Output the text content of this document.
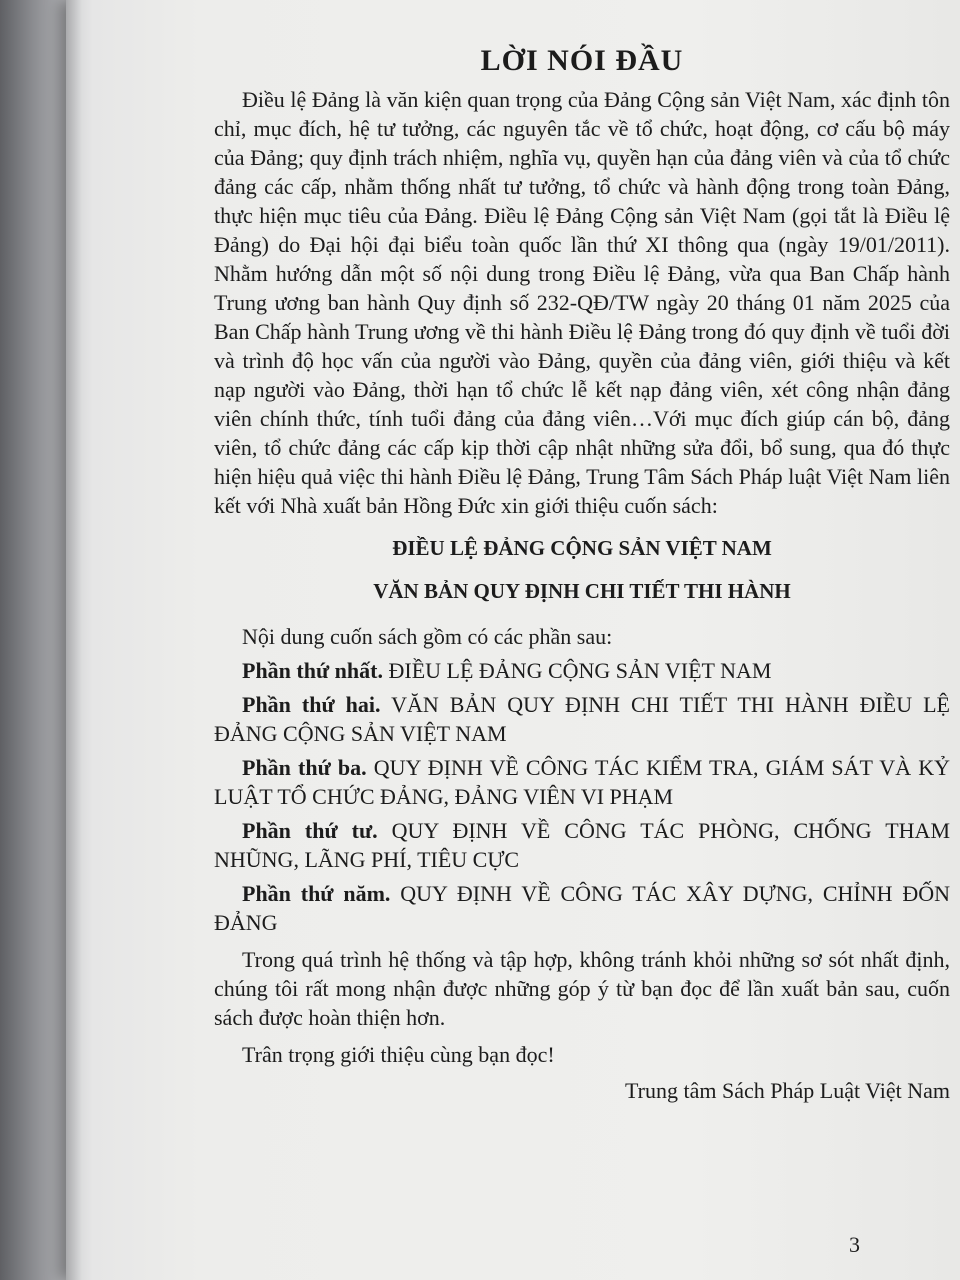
LỜI NÓI ĐẦU

Điều lệ Đảng là văn kiện quan trọng của Đảng Cộng sản Việt Nam, xác định tôn chỉ, mục đích, hệ tư tưởng, các nguyên tắc về tổ chức, hoạt động, cơ cấu bộ máy của Đảng; quy định trách nhiệm, nghĩa vụ, quyền hạn của đảng viên và của tổ chức đảng các cấp, nhằm thống nhất tư tưởng, tổ chức và hành động trong toàn Đảng, thực hiện mục tiêu của Đảng. Điều lệ Đảng Cộng sản Việt Nam (gọi tắt là Điều lệ Đảng) do Đại hội đại biểu toàn quốc lần thứ XI thông qua (ngày 19/01/2011). Nhằm hướng dẫn một số nội dung trong Điều lệ Đảng, vừa qua Ban Chấp hành Trung ương ban hành Quy định số 232-QĐ/TW ngày 20 tháng 01 năm 2025 của Ban Chấp hành Trung ương về thi hành Điều lệ Đảng trong đó quy định về tuổi đời và trình độ học vấn của người vào Đảng, quyền của đảng viên, giới thiệu và kết nạp người vào Đảng, thời hạn tổ chức lễ kết nạp đảng viên, xét công nhận đảng viên chính thức, tính tuổi đảng của đảng viên…Với mục đích giúp cán bộ, đảng viên, tổ chức đảng các cấp kịp thời cập nhật những sửa đổi, bổ sung, qua đó thực hiện hiệu quả việc thi hành Điều lệ Đảng, Trung Tâm Sách Pháp luật Việt Nam liên kết với Nhà xuất bản Hồng Đức xin giới thiệu cuốn sách:

ĐIỀU LỆ ĐẢNG CỘNG SẢN VIỆT NAM
VĂN BẢN QUY ĐỊNH CHI TIẾT THI HÀNH

Nội dung cuốn sách gồm có các phần sau:

Phần thứ nhất. ĐIỀU LỆ ĐẢNG CỘNG SẢN VIỆT NAM

Phần thứ hai. VĂN BẢN QUY ĐỊNH CHI TIẾT THI HÀNH ĐIỀU LỆ ĐẢNG CỘNG SẢN VIỆT NAM

Phần thứ ba. QUY ĐỊNH VỀ CÔNG TÁC KIỂM TRA, GIÁM SÁT VÀ KỶ LUẬT TỔ CHỨC ĐẢNG, ĐẢNG VIÊN VI PHẠM

Phần thứ tư. QUY ĐỊNH VỀ CÔNG TÁC PHÒNG, CHỐNG THAM NHŨNG, LÃNG PHÍ, TIÊU CỰC

Phần thứ năm. QUY ĐỊNH VỀ CÔNG TÁC XÂY DỰNG, CHỈNH ĐỐN ĐẢNG

Trong quá trình hệ thống và tập hợp, không tránh khỏi những sơ sót nhất định, chúng tôi rất mong nhận được những góp ý từ bạn đọc để lần xuất bản sau, cuốn sách được hoàn thiện hơn.

Trân trọng giới thiệu cùng bạn đọc!

Trung tâm Sách Pháp Luật Việt Nam

3
